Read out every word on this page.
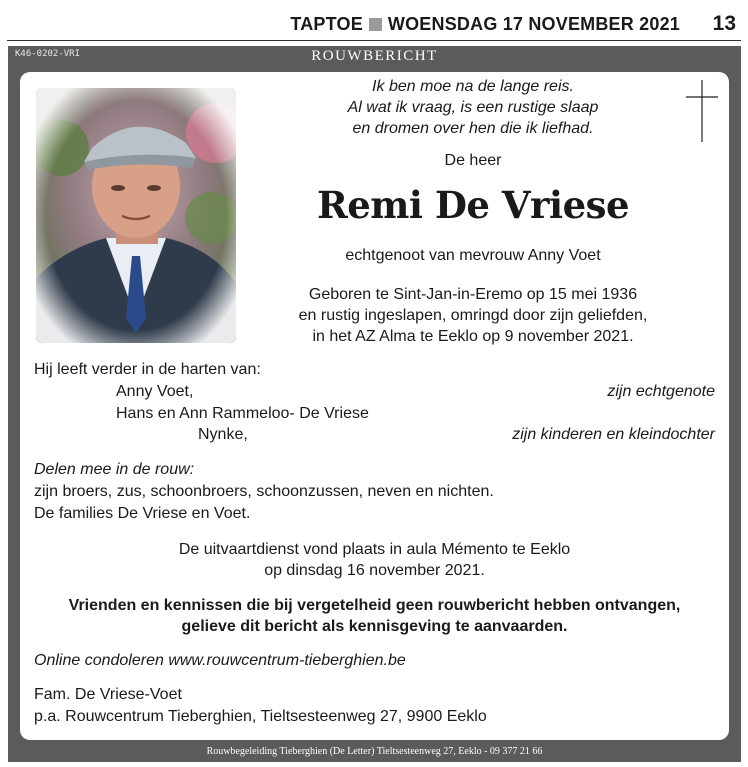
TAPTOE WOENSDAG 17 NOVEMBER 2021 13
K46-0202-VRI	ROUWBERICHT
Rouwbegeleiding Tieberghien (De Letter) Tieltsesteenweg 27, Eeklo - 09 377 21 66
Ik ben moe na de lange reis.
Al wat ik vraag, is een rustige slaap
en dromen over hen die ik liefhad.
De heer
Remi De Vriese
echtgenoot van mevrouw Anny Voet
Geboren te Sint-Jan-in-Eremo op 15 mei 1936
en rustig ingeslapen, omringd door zijn geliefden,
in het AZ Alma te Eeklo op 9 november 2021.
Hij leeft verder in de harten van:
Anny Voet,	zijn echtgenote
Hans en Ann Rammeloo- De Vriese
Nynke,	zijn kinderen en kleindochter
Delen mee in de rouw:
zijn broers, zus, schoonbroers, schoonzussen, neven en nichten.
De families De Vriese en Voet.
De uitvaartdienst vond plaats in aula Mémento te Eeklo
op dinsdag 16 november 2021.
Vrienden en kennissen die bij vergetelheid geen rouwbericht hebben ontvangen,
gelieve dit bericht als kennisgeving te aanvaarden.
Online condoleren www.rouwcentrum-tieberghien.be
Fam. De Vriese-Voet
p.a. Rouwcentrum Tieberghien, Tieltsesteenweg 27, 9900 Eeklo
